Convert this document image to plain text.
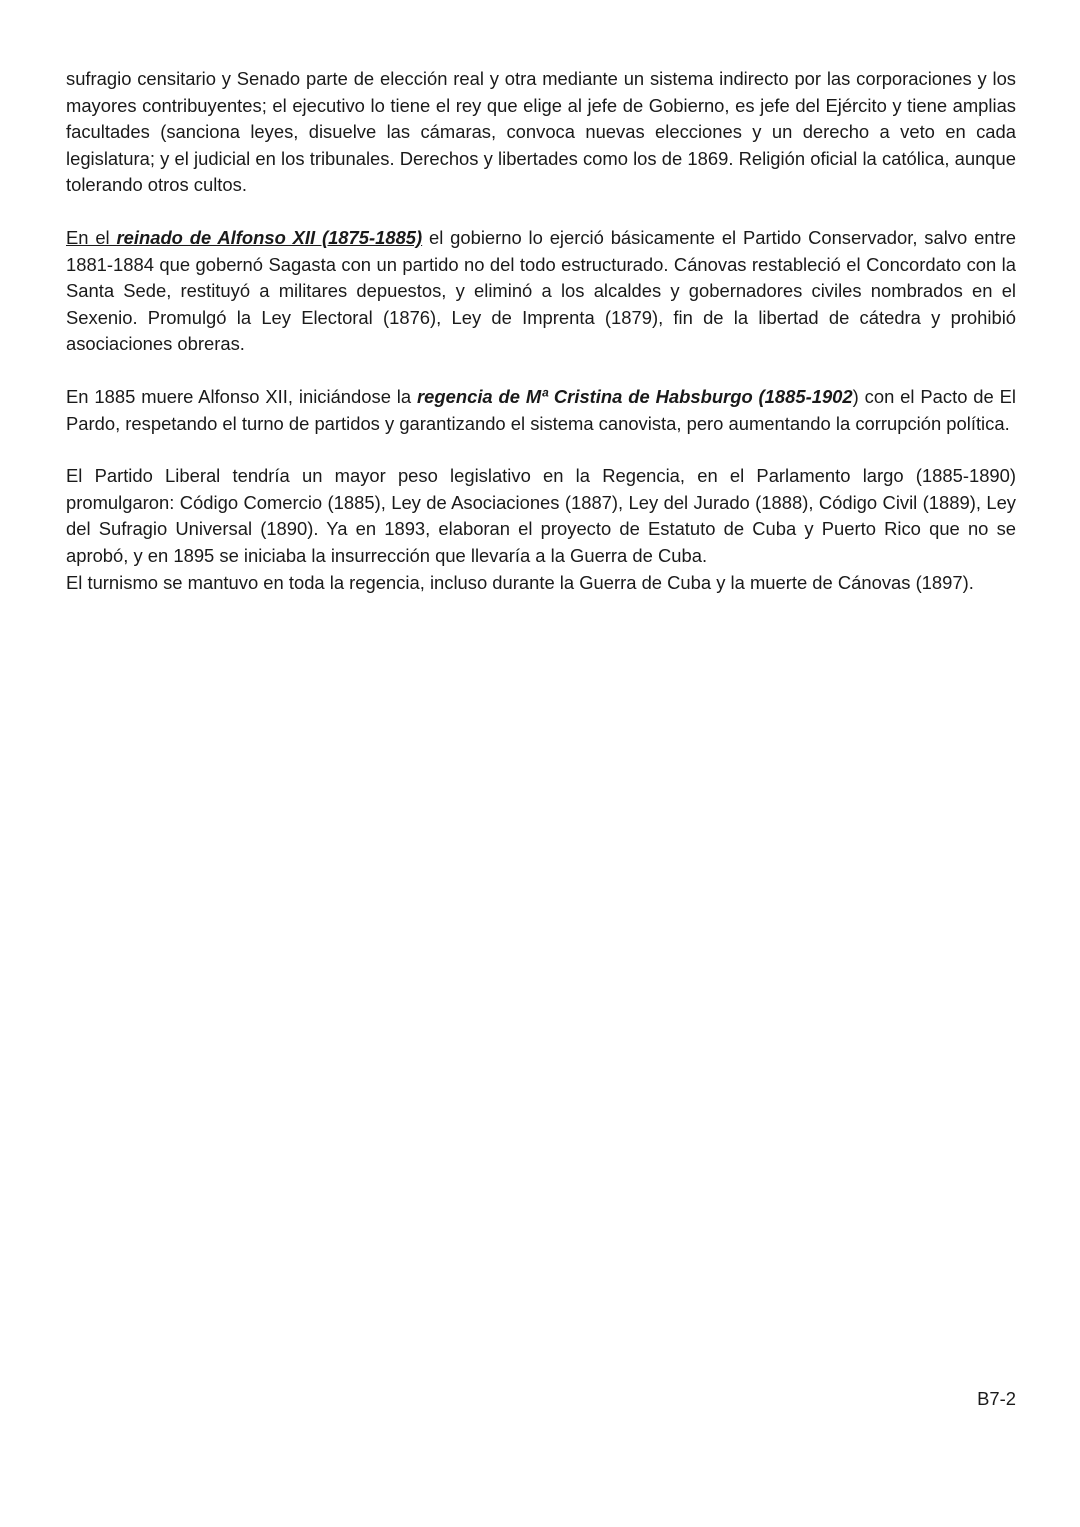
sufragio censitario y Senado parte de elección real y otra mediante un sistema indirecto por las corporaciones y los mayores contribuyentes; el ejecutivo lo tiene el rey que elige al jefe de Gobierno, es jefe del Ejército y tiene amplias facultades (sanciona leyes, disuelve las cámaras, convoca nuevas elecciones y un derecho a veto en cada legislatura; y el judicial en los tribunales. Derechos y libertades como los de 1869. Religión oficial la católica, aunque tolerando otros cultos.

En el reinado de Alfonso XII (1875-1885) el gobierno lo ejerció básicamente el Partido Conservador, salvo entre 1881-1884 que gobernó Sagasta con un partido no del todo estructurado. Cánovas restableció el Concordato con la Santa Sede, restituyó a militares depuestos, y eliminó a los alcaldes y gobernadores civiles nombrados en el Sexenio. Promulgó la Ley Electoral (1876), Ley de Imprenta (1879), fin de la libertad de cátedra y prohibió asociaciones obreras.

En 1885 muere Alfonso XII, iniciándose la regencia de Mª Cristina de Habsburgo (1885-1902) con el Pacto de El Pardo, respetando el turno de partidos y garantizando el sistema canovista, pero aumentando la corrupción política.

El Partido Liberal tendría un mayor peso legislativo en la Regencia, en el Parlamento largo (1885-1890) promulgaron: Código Comercio (1885), Ley de Asociaciones (1887), Ley del Jurado (1888), Código Civil (1889), Ley del Sufragio Universal (1890). Ya en 1893, elaboran el proyecto de Estatuto de Cuba y Puerto Rico que no se aprobó, y en 1895 se iniciaba la insurrección que llevaría a la Guerra de Cuba.

El turnismo se mantuvo en toda la regencia, incluso durante la Guerra de Cuba y la muerte de Cánovas (1897).

B7-2
